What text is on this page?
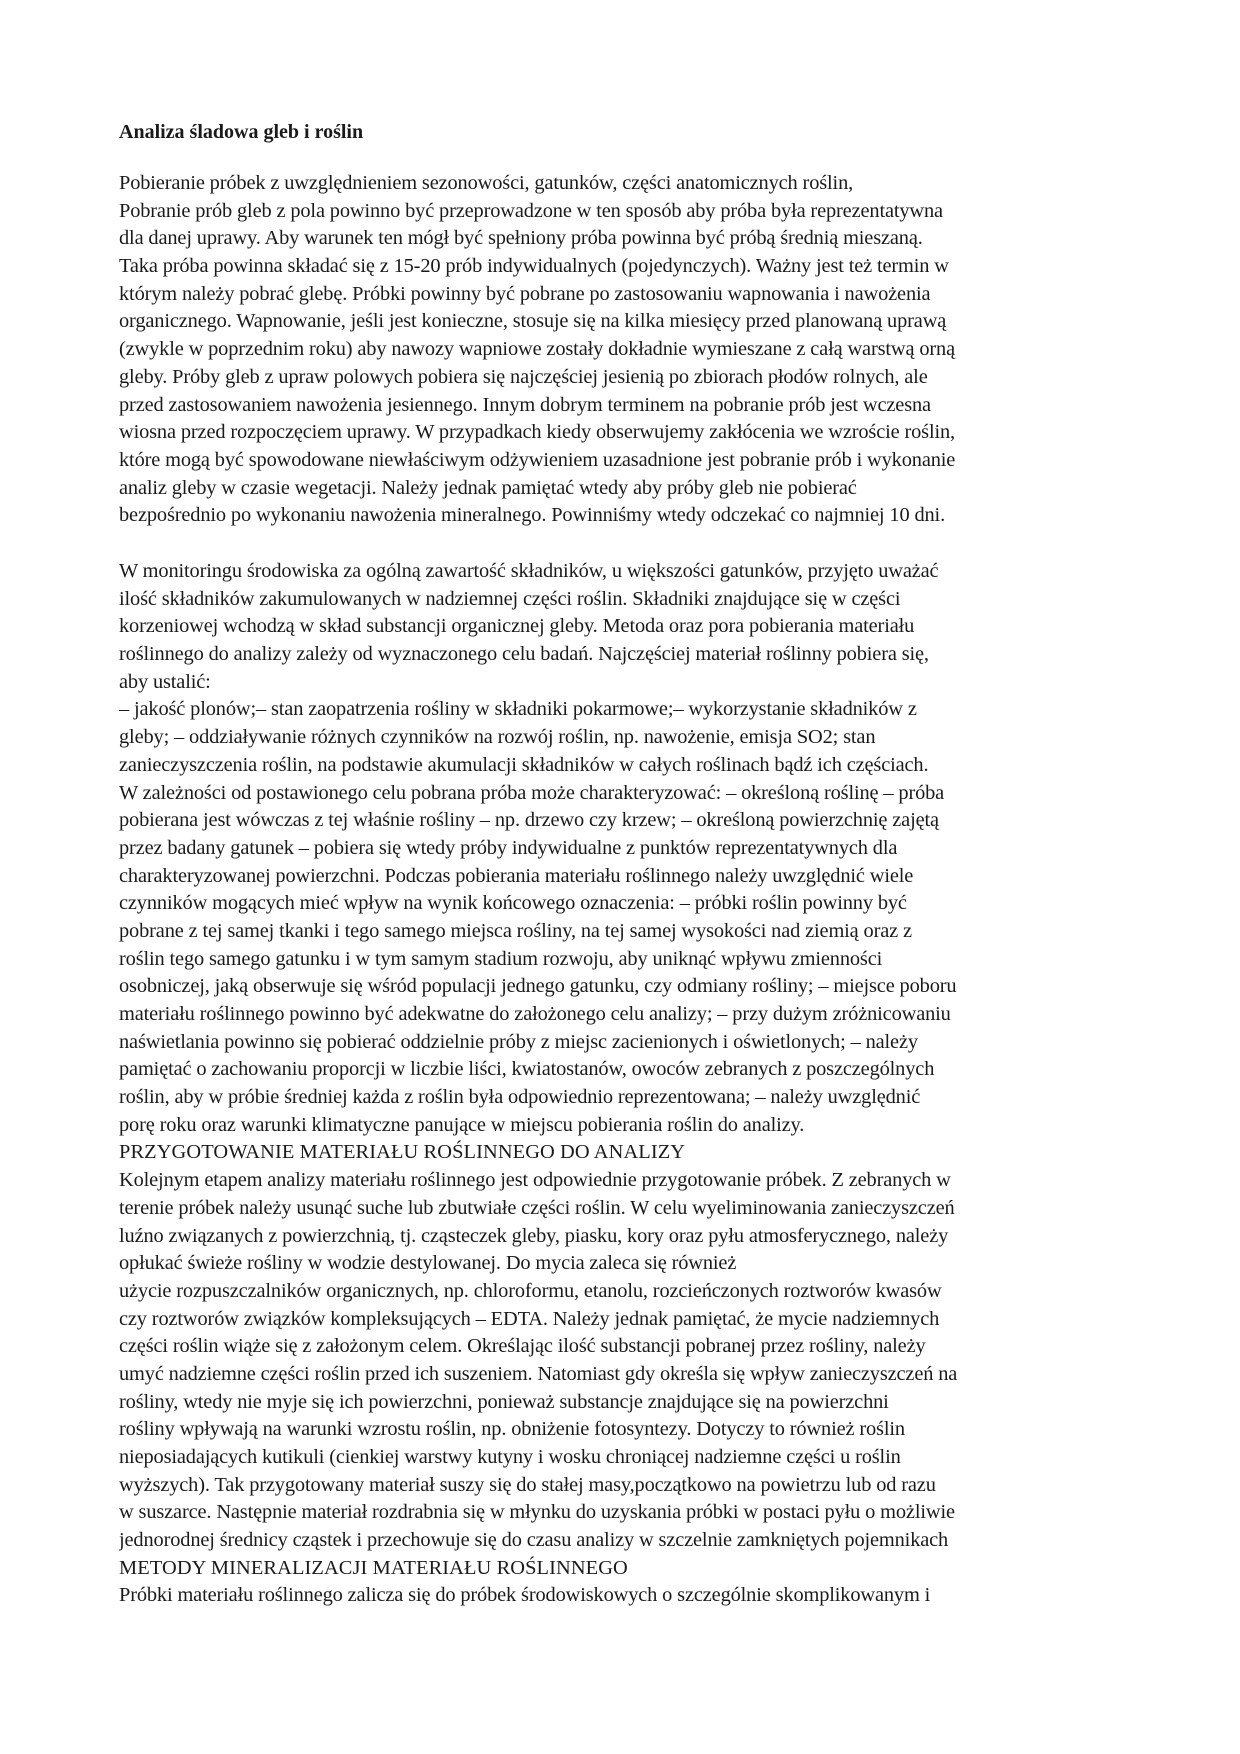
Analiza śladowa gleb i roślin
Pobieranie próbek z uwzględnieniem sezonowości, gatunków, części anatomicznych roślin,
Pobranie prób gleb z pola powinno być przeprowadzone w ten sposób aby próba była reprezentatywna
dla danej uprawy. Aby warunek ten mógł być spełniony próba powinna być próbą średnią mieszaną.
Taka próba powinna składać się z 15-20 prób indywidualnych (pojedynczych). Ważny jest też termin w
którym należy pobrać glebę. Próbki powinny być pobrane po zastosowaniu wapnowania i nawożenia
organicznego. Wapnowanie, jeśli jest konieczne, stosuje się na kilka miesięcy przed planowaną uprawą
(zwykle w poprzednim roku) aby nawozy wapniowe zostały dokładnie wymieszane z całą warstwą orną
gleby. Próby gleb z upraw polowych pobiera się najczęściej jesienią po zbiorach płodów rolnych, ale
przed zastosowaniem nawożenia jesiennego. Innym dobrym terminem na pobranie prób jest wczesna
wiosna przed rozpoczęciem uprawy. W przypadkach kiedy obserwujemy zakłócenia we wzroście roślin,
które mogą być spowodowane niewłaściwym odżywieniem uzasadnione jest pobranie prób i wykonanie
analiz gleby w czasie wegetacji. Należy jednak pamiętać wtedy aby próby gleb nie pobierać
bezpośrednio po wykonaniu nawożenia mineralnego. Powinniśmy wtedy odczekać co najmniej 10 dni.
W monitoringu środowiska za ogólną zawartość składników, u większości gatunków, przyjęto uważać
ilość składników zakumulowanych w nadziemnej części roślin. Składniki znajdujące się w części
korzeniowej wchodzą w skład substancji organicznej gleby. Metoda oraz pora pobierania materiału
roślinnego do analizy zależy od wyznaczonego celu badań. Najczęściej materiał roślinny pobiera się,
aby ustalić:
– jakość plonów;– stan zaopatrzenia rośliny w składniki pokarmowe;– wykorzystanie składników z
gleby; – oddziaływanie różnych czynników na rozwój roślin, np. nawożenie, emisja SO2; stan
zanieczyszczenia roślin, na podstawie akumulacji składników w całych roślinach bądź ich częściach.
W zależności od postawionego celu pobrana próba może charakteryzować: – określoną roślinę – próba
pobierana jest wówczas z tej właśnie rośliny – np. drzewo czy krzew; – określoną powierzchnię zajętą
przez badany gatunek – pobiera się wtedy próby indywidualne z punktów reprezentatywnych dla
charakteryzowanej powierzchni. Podczas pobierania materiału roślinnego należy uwzględnić wiele
czynników mogących mieć wpływ na wynik końcowego oznaczenia: – próbki roślin powinny być
pobrane z tej samej tkanki i tego samego miejsca rośliny, na tej samej wysokości nad ziemią oraz z
roślin tego samego gatunku i w tym samym stadium rozwoju, aby uniknąć wpływu zmienności
osobniczej, jaką obserwuje się wśród populacji jednego gatunku, czy odmiany rośliny; – miejsce poboru
materiału roślinnego powinno być adekwatne do założonego celu analizy; – przy dużym zróżnicowaniu
naświetlania powinno się pobierać oddzielnie próby z miejsc zacienionych i oświetlonych; – należy
pamiętać o zachowaniu proporcji w liczbie liści, kwiatostanów, owoców zebranych z poszczególnych
roślin, aby w próbie średniej każda z roślin była odpowiednio reprezentowana; – należy uwzględnić
porę roku oraz warunki klimatyczne panujące w miejscu pobierania roślin do analizy.
PRZYGOTOWANIE MATERIAŁU ROŚLINNEGO DO ANALIZY
Kolejnym etapem analizy materiału roślinnego jest odpowiednie przygotowanie próbek. Z zebranych w
terenie próbek należy usunąć suche lub zbutwiałe części roślin. W celu wyeliminowania zanieczyszczeń
luźno związanych z powierzchnią, tj. cząsteczek gleby, piasku, kory oraz pyłu atmosferycznego, należy
opłukać świeże rośliny w wodzie destylowanej. Do mycia zaleca się również
użycie rozpuszczalników organicznych, np. chloroformu, etanolu, rozcieńczonych roztworów kwasów
czy roztworów związków kompleksujących – EDTA. Należy jednak pamiętać, że mycie nadziemnych
części roślin wiąże się z założonym celem. Określając ilość substancji pobranej przez rośliny, należy
umyć nadziemne części roślin przed ich suszeniem. Natomiast gdy określa się wpływ zanieczyszczeń na
rośliny, wtedy nie myje się ich powierzchni, ponieważ substancje znajdujące się na powierzchni
rośliny wpływają na warunki wzrostu roślin, np. obniżenie fotosyntezy. Dotyczy to również roślin
nieposiadających kutikuli (cienkiej warstwy kutyny i wosku chroniącej nadziemne części u roślin
wyższych). Tak przygotowany materiał suszy się do stałej masy,początkowo na powietrzu lub od razu
w suszarce. Następnie materiał rozdrabnia się w młynku do uzyskania próbki w postaci pyłu o możliwie
jednorodnej średnicy cząstek i przechowuje się do czasu analizy w szczelnie zamkniętych pojemnikach
METODY MINERALIZACJI MATERIAŁU ROŚLINNEGO
Próbki materiału roślinnego zalicza się do próbek środowiskowych o szczególnie skomplikowanym i
